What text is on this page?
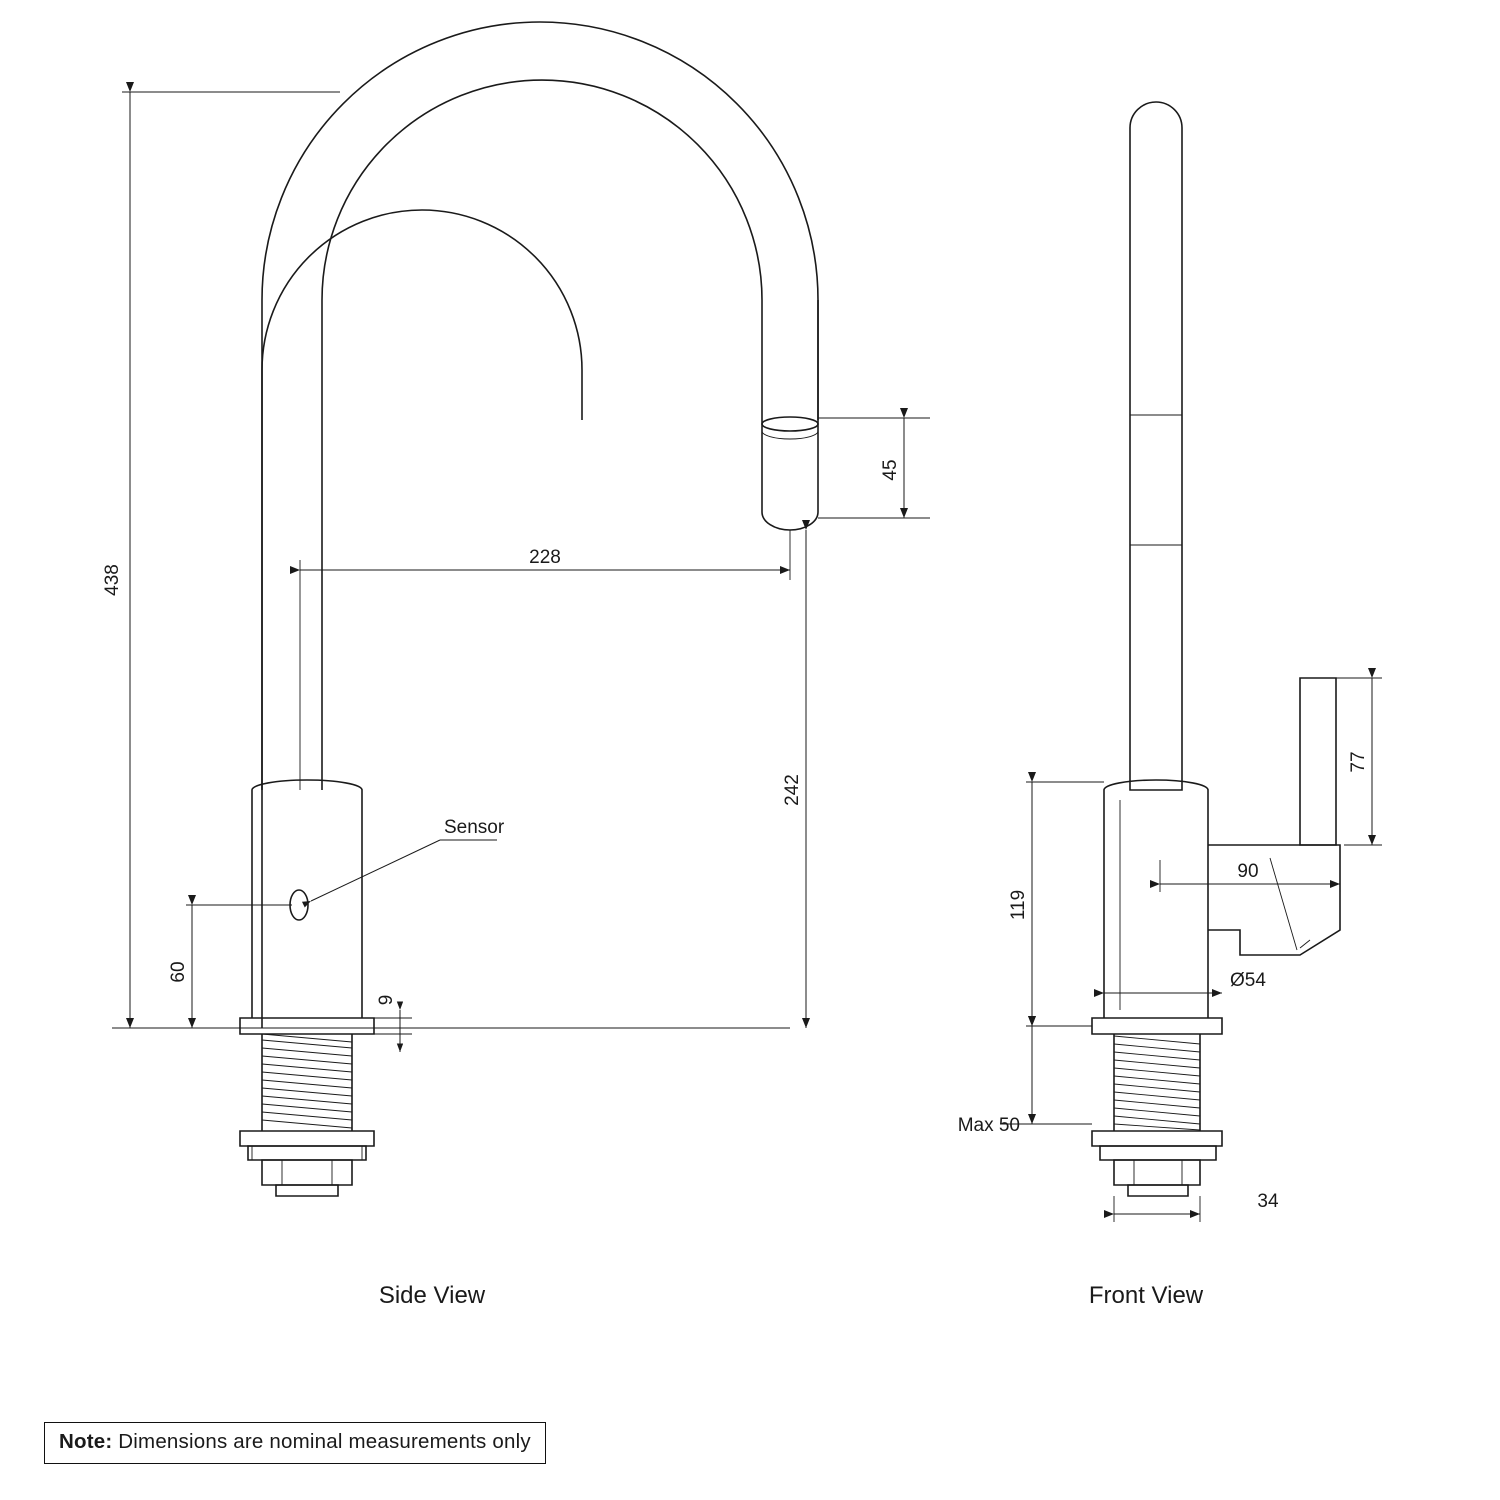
Sensor
438
60
9
228
45
242
Side View
77
90
119
Ø54
Max 50
34
Front View
Note: Dimensions are nominal measurements only
